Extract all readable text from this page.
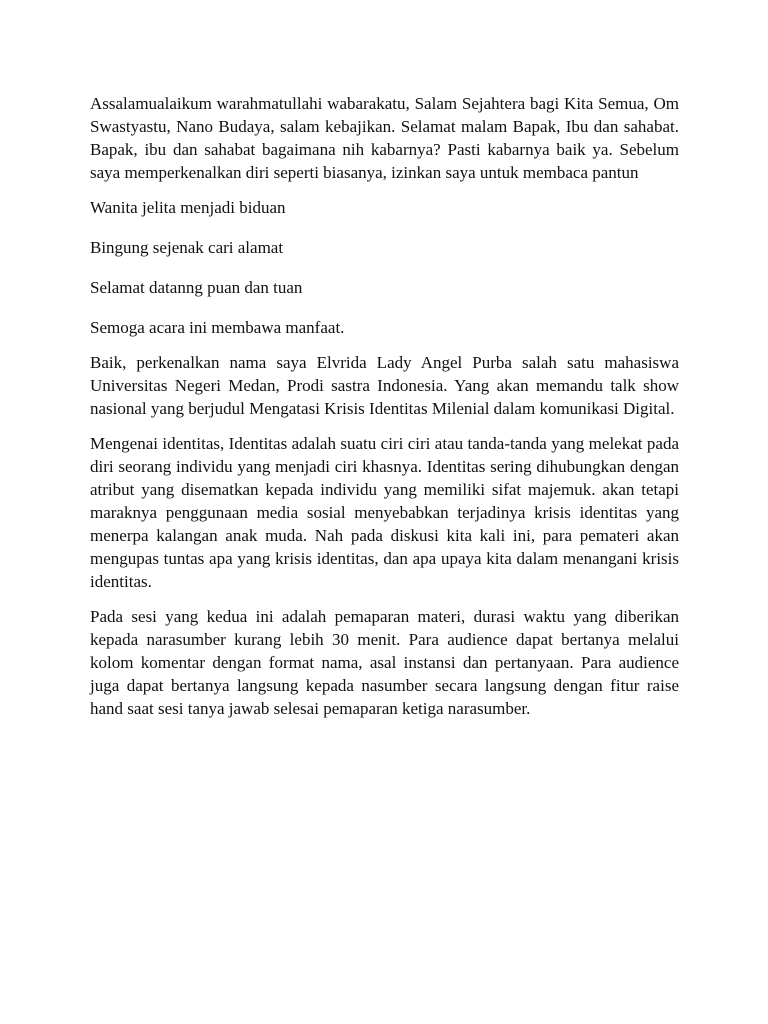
Assalamualaikum warahmatullahi wabarakatu, Salam Sejahtera bagi Kita Semua, Om Swastyastu, Nano Budaya, salam kebajikan. Selamat malam Bapak, Ibu dan sahabat. Bapak, ibu dan sahabat bagaimana nih kabarnya? Pasti kabarnya baik ya. Sebelum saya memperkenalkan diri seperti biasanya, izinkan saya untuk membaca pantun

Wanita jelita menjadi biduan

Bingung sejenak cari alamat

Selamat datanng puan dan tuan

Semoga acara ini membawa manfaat.

Baik, perkenalkan nama saya Elvrida Lady Angel Purba salah satu mahasiswa Universitas Negeri Medan, Prodi sastra Indonesia. Yang akan memandu talk show nasional yang berjudul Mengatasi Krisis Identitas Milenial dalam komunikasi Digital.

Mengenai identitas, Identitas adalah suatu ciri ciri atau tanda-tanda yang melekat pada diri seorang individu yang menjadi ciri khasnya. Identitas sering dihubungkan dengan atribut yang disematkan kepada individu yang memiliki sifat majemuk. akan tetapi maraknya penggunaan media sosial menyebabkan terjadinya krisis identitas yang menerpa kalangan anak muda. Nah pada diskusi kita kali ini, para pemateri akan mengupas tuntas apa yang krisis identitas, dan apa upaya kita dalam menangani krisis identitas.

Pada sesi yang kedua ini adalah pemaparan materi, durasi waktu yang diberikan kepada narasumber kurang lebih 30 menit. Para audience dapat bertanya melalui kolom komentar dengan format nama, asal instansi dan pertanyaan. Para audience juga dapat bertanya langsung kepada nasumber secara langsung dengan fitur raise hand saat sesi tanya jawab selesai pemaparan ketiga narasumber.
